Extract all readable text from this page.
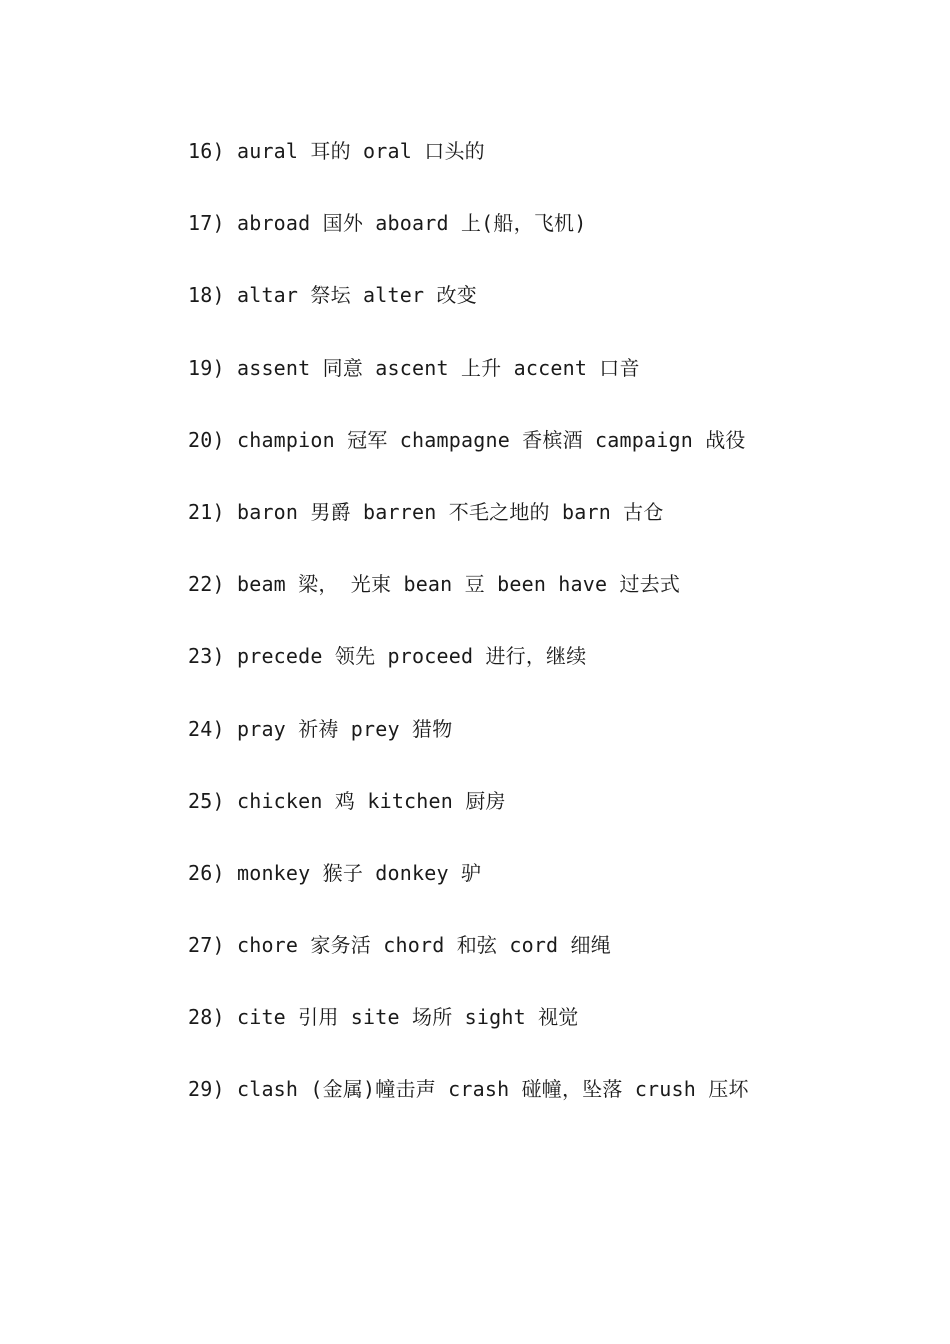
16) aural 耳的 oral 口头的
17) abroad 国外 aboard 上(船，飞机)
18) altar 祭坛 alter 改变
19) assent 同意 ascent 上升 accent 口音
20) champion 冠军 champagne 香槟酒 campaign 战役
21) baron 男爵 barren 不毛之地的 barn 古仓
22) beam 梁， 光束 bean 豆 been have 过去式
23) precede 领先 proceed 进行，继续
24) pray 祈祷 prey 猎物
25) chicken 鸡 kitchen 厨房
26) monkey 猴子 donkey 驴
27) chore 家务活 chord 和弦 cord 细绳
28) cite 引用 site 场所 sight 视觉
29) clash (金属)幢击声 crash 碰幢，坠落 crush 压坏
